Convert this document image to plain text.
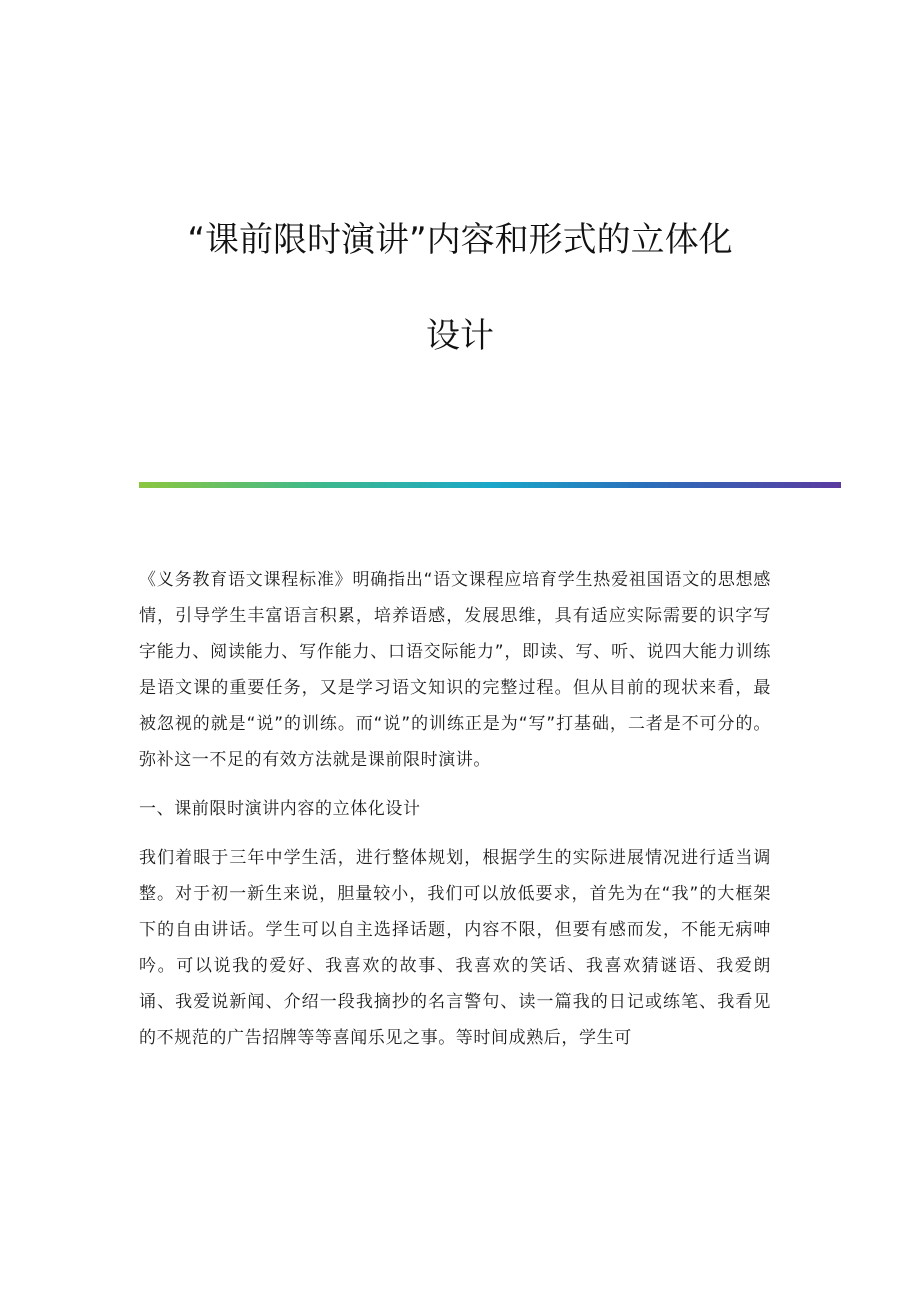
“课前限时演讲”内容和形式的立体化
设计

《义务教育语文课程标准》明确指出“语文课程应培育学生热爱祖国语文的思想感情，引导学生丰富语言积累，培养语感，发展思维，具有适应实际需要的识字写字能力、阅读能力、写作能力、口语交际能力”，即读、写、听、说四大能力训练是语文课的重要任务，又是学习语文知识的完整过程。但从目前的现状来看，最被忽视的就是“说”的训练。而“说”的训练正是为“写”打基础，二者是不可分的。弥补这一不足的有效方法就是课前限时演讲。

一、课前限时演讲内容的立体化设计

我们着眼于三年中学生活，进行整体规划，根据学生的实际进展情况进行适当调整。对于初一新生来说，胆量较小，我们可以放低要求，首先为在“我”的大框架下的自由讲话。学生可以自主选择话题，内容不限，但要有感而发，不能无病呻吟。可以说我的爱好、我喜欢的故事、我喜欢的笑话、我喜欢猜谜语、我爱朗诵、我爱说新闻、介绍一段我摘抄的名言警句、读一篇我的日记或练笔、我看见的不规范的广告招牌等等喜闻乐见之事。等时间成熟后，学生可
